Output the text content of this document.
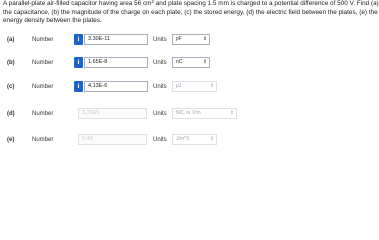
A parallel-plate air-filled capacitor having area 56 $cm^2$ and plate spacing 1.5 mm is charged to a potential difference of 500 V. Find (a)
the capacitance, (b) the magnitude of the charge on each plate, (c) the stored energy, (d) the electric field between the plates, (e) the
energy density between the plates.
(a)	Number	i	3.30E-11	Units	pF	⇕
(b)	Number	i	1.65E-8	Units	nC	⇕
(c)	Number	i	4.13E-6	Units	μJ	⇕
(d)	Number	3.33E5	Units	N/C or V/m	⇕
(e)	Number	0.49	Units	J/m^3	⇕
